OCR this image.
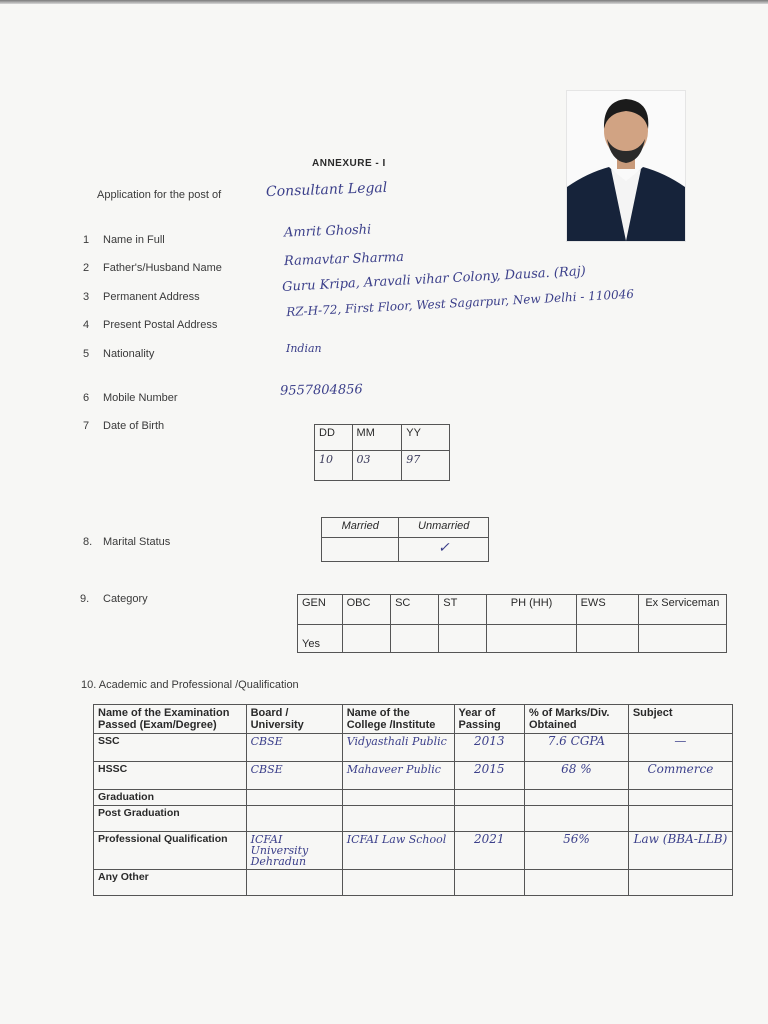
ANNEXURE - I
Application for the post of	Consultant Legal
1 Name in Full	Amrit Ghoshi
2 Father's/Husband Name	Ramavtar Sharma
3 Permanent Address
Guru Kripa, Aravali vihar Colony, Dausa. (Raj)
4 Present Postal Address
RZ-H-72, First Floor, West Sagarpur, New Delhi - 110046
5 Nationality	Indian
6 Mobile Number	9557804856
7 Date of Birth
DD	MM	YY
10	03	97
8. Marital Status
Married	Unmarried
	✓
9. Category	GEN	OBC	SC	ST	PH (HH)	EWS	Ex Serviceman
Yes						
10. Academic and Professional /Qualification
Name of the Examination Passed (Exam/Degree)	Board / University	Name of the College /Institute	Year of Passing	% of Marks/Div. Obtained	Subject
SSC	CBSE	Vidyasthali Public	2013	7.6 CGPA	—
HSSC	CBSE	Mahaveer Public	2015	68 %	Commerce
Graduation					
Post Graduation					
Professional Qualification	ICFAI University Dehradun	ICFAI Law School	2021	56%	Law (BBA-LLB)
Any Other					
